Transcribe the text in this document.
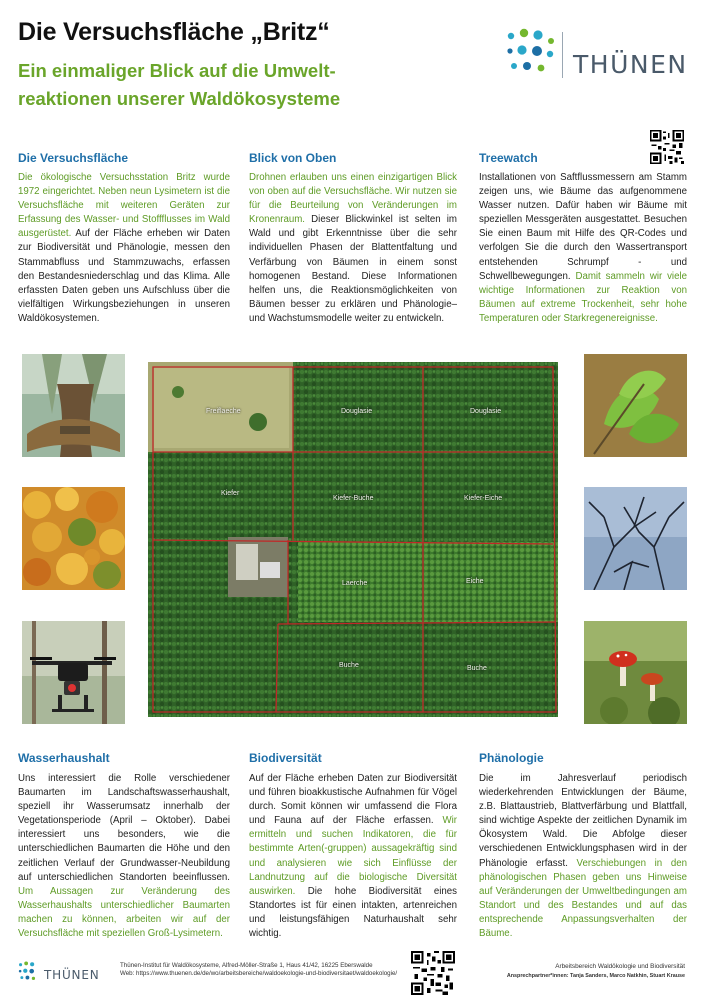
Die Versuchsfläche „Britz“
Ein einmaliger Blick auf die Umwelt-
reaktionen unserer Waldökosysteme
THÜNEN
Die Versuchsfläche
Die ökologische Versuchsstation Britz wurde 1972 eingerichtet. Neben neun Lysimetern ist die Versuchsfläche mit weiteren Geräten zur Erfassung des Wasser- und Stoffflusses im Wald ausgerüstet. Auf der Fläche erheben wir Daten zur Biodiversität und Phänologie, messen den Stammabfluss und Stammzuwachs, erfassen den Bestandesniederschlag und das Klima. Alle erfassten Daten geben uns Aufschluss über die vielfältigen Wirkungsbeziehungen in unseren Waldökosystemen.
Blick von Oben
Drohnen erlauben uns einen einzigartigen Blick von oben auf die Versuchsfläche. Wir nutzen sie für die Beurteilung von Veränderungen im Kronenraum. Dieser Blickwinkel ist selten im Wald und gibt Erkenntnisse über die sehr individuellen Phasen der Blattentfaltung und Verfärbung von Bäumen in einem sonst homogenen Bestand. Diese Informationen helfen uns, die Reaktionsmöglichkeiten von Bäumen besser zu erklären und Phänologie– und Wachstumsmodelle weiter zu entwickeln.
Treewatch
Installationen von Saftflussmessern am Stamm zeigen uns, wie Bäume das aufgenommene Wasser nutzen. Dafür haben wir Bäume mit speziellen Messgeräten ausgestattet. Besuchen Sie einen Baum mit Hilfe des QR-Codes und verfolgen Sie die durch den Wassertransport entstehenden Schrumpf - und Schwellbewegungen. Damit sammeln wir viele wichtige Informationen zur Reaktion von Bäumen auf extreme Trockenheit, sehr hohe Temperaturen oder Starkregenereignisse.
Freiflaeche	Douglasie	Douglasie
Kiefer
Kiefer-Buche	Kiefer-Eiche
Laerche	Eiche
Buche	Buche
Wasserhaushalt
Uns interessiert die Rolle verschiedener Baumarten im Landschaftswasserhaushalt, speziell ihr Wasserumsatz innerhalb der Vegetationsperiode (April – Oktober). Dabei interessiert uns besonders, wie die unterschiedlichen Baumarten die Höhe und den zeitlichen Verlauf der Grundwasser-Neubildung auf unterschiedlichen Standorten beeinflussen. Um Aussagen zur Veränderung des Wasserhaushalts unterschiedlicher Baumarten machen zu können, arbeiten wir auf der Versuchsfläche mit speziellen Groß-Lysimetern.
Biodiversität
Auf der Fläche erheben Daten zur Biodiversität und führen bioakkustische Aufnahmen für Vögel durch. Somit können wir umfassend die Flora und Fauna auf der Fläche erfassen. Wir ermitteln und suchen Indikatoren, die für bestimmte Arten(-gruppen) aussagekräftig sind und analysieren wie sich Einflüsse der Landnutzung auf die biologische Diversität auswirken. Die hohe Biodiversität eines Standortes ist für einen intakten, artenreichen und leistungsfähigen Naturhaushalt sehr wichtig.
Phänologie
Die im Jahresverlauf periodisch wiederkehrenden Entwicklungen der Bäume, z.B. Blattaustrieb, Blattverfärbung und Blattfall, sind wichtige Aspekte der zeitlichen Dynamik im Ökosystem Wald. Die Abfolge dieser verschiedenen Entwicklungsphasen wird in der Phänologie erfasst. Verschiebungen in den phänologischen Phasen geben uns Hinweise auf Veränderungen der Umweltbedingungen am Standort und des Bestandes und auf das entsprechende Anpassungsverhalten der Bäume.
THÜNEN
Thünen-Institut für Waldökosysteme, Alfred-Möller-Straße 1, Haus 41/42, 16225 Eberswalde
Web: https://www.thuenen.de/de/wo/arbeitsbereiche/waldoekologie-und-biodiversitaet/waldoekologie/
Arbeitsbereich Waldökologie und Biodiversität
Ansprechpartner*innen: Tanja Sanders, Marco Natkhin, Stuart Krause
